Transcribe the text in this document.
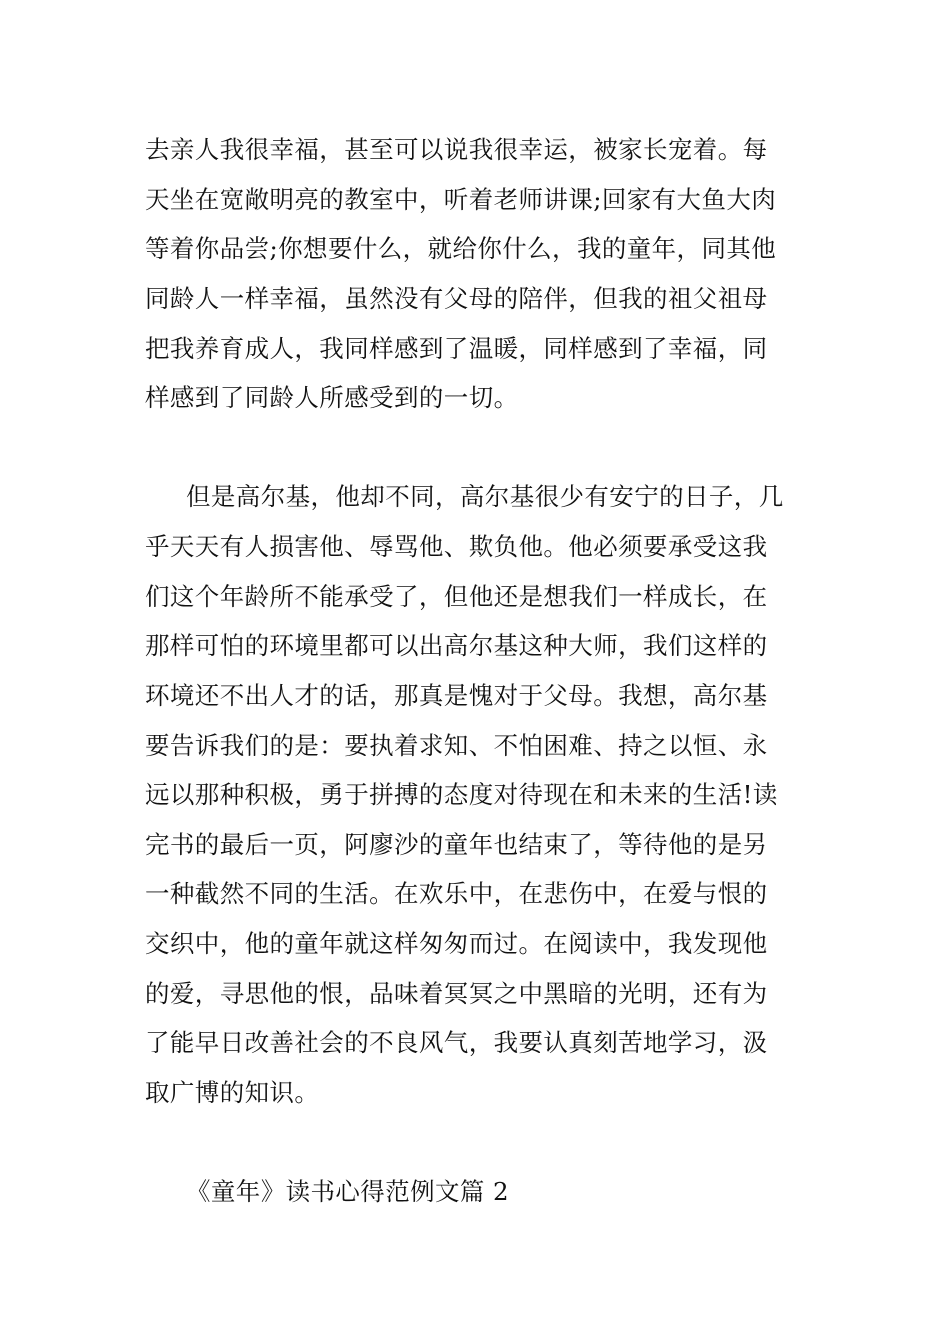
去亲人我很幸福，甚至可以说我很幸运，被家长宠着。每
天坐在宽敞明亮的教室中，听着老师讲课;回家有大鱼大肉
等着你品尝;你想要什么，就给你什么，我的童年，同其他
同龄人一样幸福，虽然没有父母的陪伴，但我的祖父祖母
把我养育成人，我同样感到了温暖，同样感到了幸福，同
样感到了同龄人所感受到的一切。
但是高尔基，他却不同，高尔基很少有安宁的日子，几
乎天天有人损害他、辱骂他、欺负他。他必须要承受这我
们这个年龄所不能承受了，但他还是想我们一样成长，在
那样可怕的环境里都可以出高尔基这种大师，我们这样的
环境还不出人才的话，那真是愧对于父母。我想，高尔基
要告诉我们的是：要执着求知、不怕困难、持之以恒、永
远以那种积极，勇于拼搏的态度对待现在和未来的生活!读
完书的最后一页，阿廖沙的童年也结束了，等待他的是另
一种截然不同的生活。在欢乐中，在悲伤中，在爱与恨的
交织中，他的童年就这样匆匆而过。在阅读中，我发现他
的爱，寻思他的恨，品味着冥冥之中黑暗的光明，还有为
了能早日改善社会的不良风气，我要认真刻苦地学习，汲
取广博的知识。
《童年》读书心得范例文篇 2
